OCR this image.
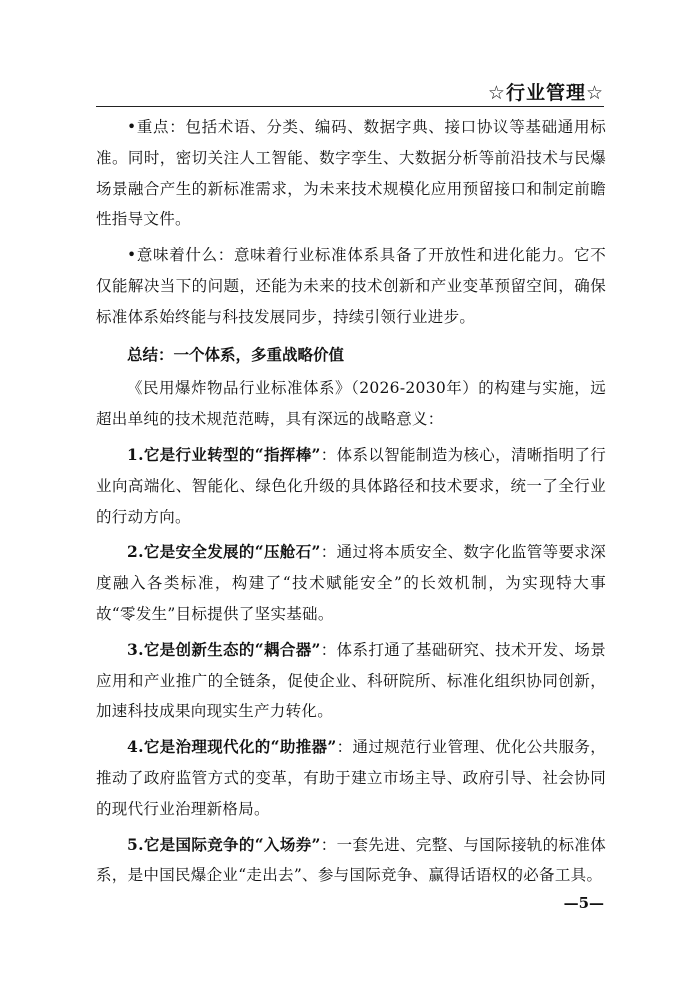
☆行业管理☆

•重点：包括术语、分类、编码、数据字典、接口协议等基础通用标准。同时，密切关注人工智能、数字孪生、大数据分析等前沿技术与民爆场景融合产生的新标准需求，为未来技术规模化应用预留接口和制定前瞻性指导文件。

•意味着什么：意味着行业标准体系具备了开放性和进化能力。它不仅能解决当下的问题，还能为未来的技术创新和产业变革预留空间，确保标准体系始终能与科技发展同步，持续引领行业进步。

总结：一个体系，多重战略价值

《民用爆炸物品行业标准体系》（2026-2030年）的构建与实施，远超出单纯的技术规范范畴，具有深远的战略意义：

1.它是行业转型的“指挥棒”：体系以智能制造为核心，清晰指明了行业向高端化、智能化、绿色化升级的具体路径和技术要求，统一了全行业的行动方向。

2.它是安全发展的“压舱石”：通过将本质安全、数字化监管等要求深度融入各类标准，构建了“技术赋能安全”的长效机制，为实现特大事故“零发生”目标提供了坚实基础。

3.它是创新生态的“耦合器”：体系打通了基础研究、技术开发、场景应用和产业推广的全链条，促使企业、科研院所、标准化组织协同创新，加速科技成果向现实生产力转化。

4.它是治理现代化的“助推器”：通过规范行业管理、优化公共服务，推动了政府监管方式的变革，有助于建立市场主导、政府引导、社会协同的现代行业治理新格局。

5.它是国际竞争的“入场券”：一套先进、完整、与国际接轨的标准体系，是中国民爆企业“走出去”、参与国际竞争、赢得话语权的必备工具。

—5—
